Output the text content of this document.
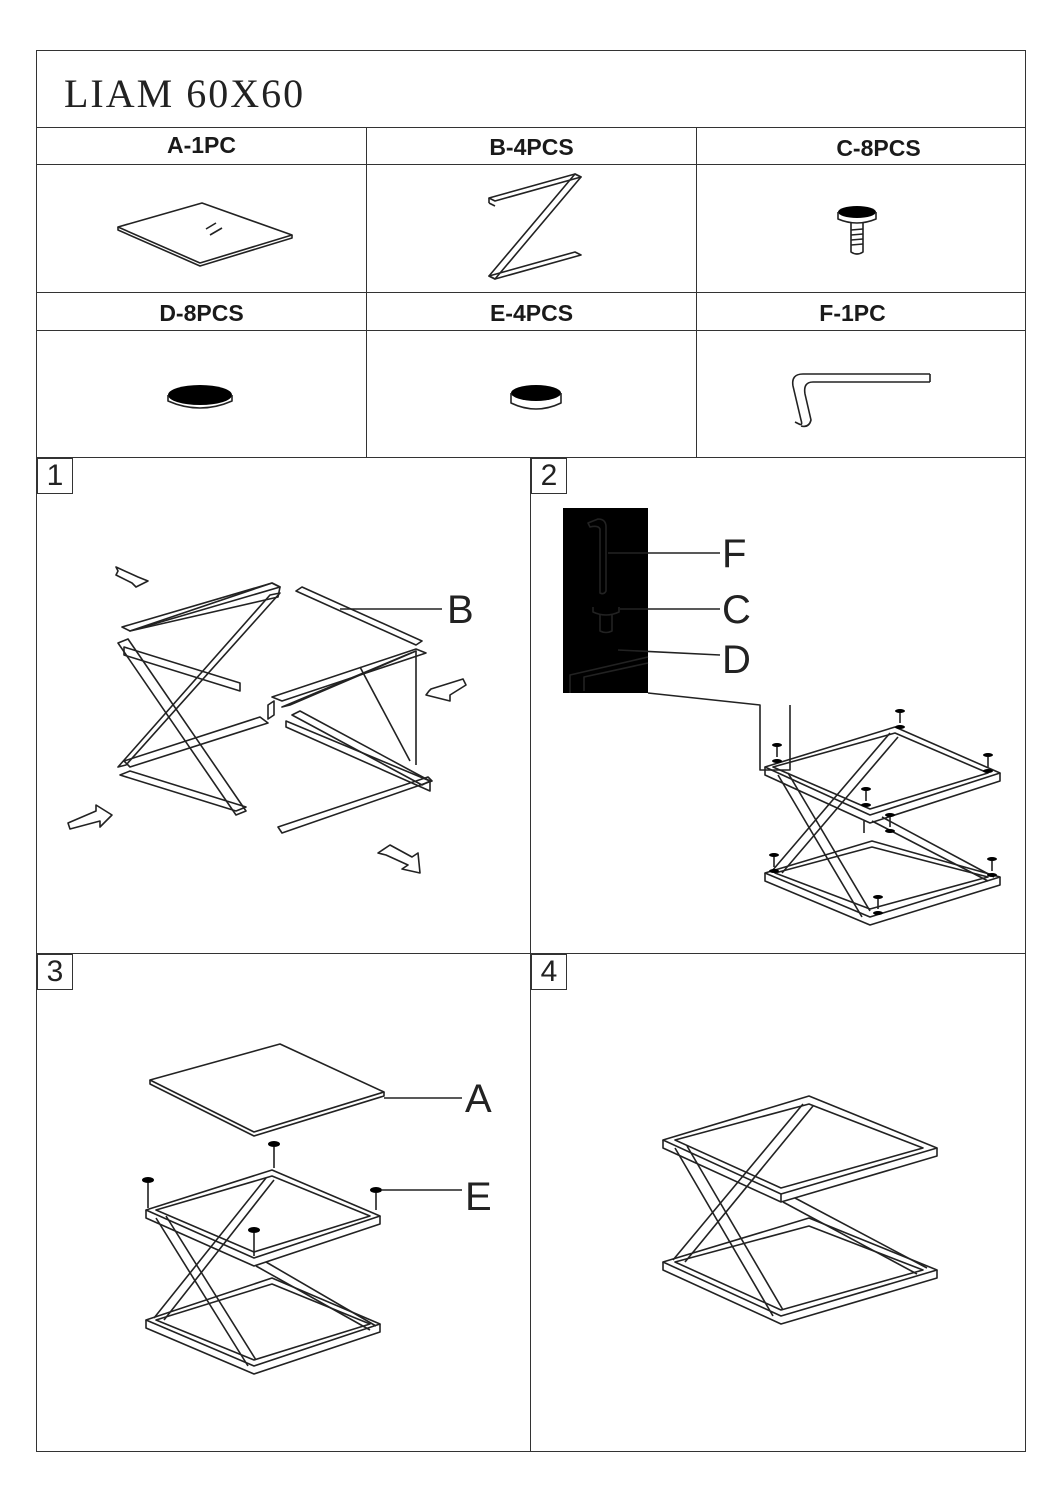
LIAM 60X60
A-1PC	B-4PCS	C-8PCS
D-8PCS	E-4PCS	F-1PC
1	2
3	4
B
F
C
D
A
E
